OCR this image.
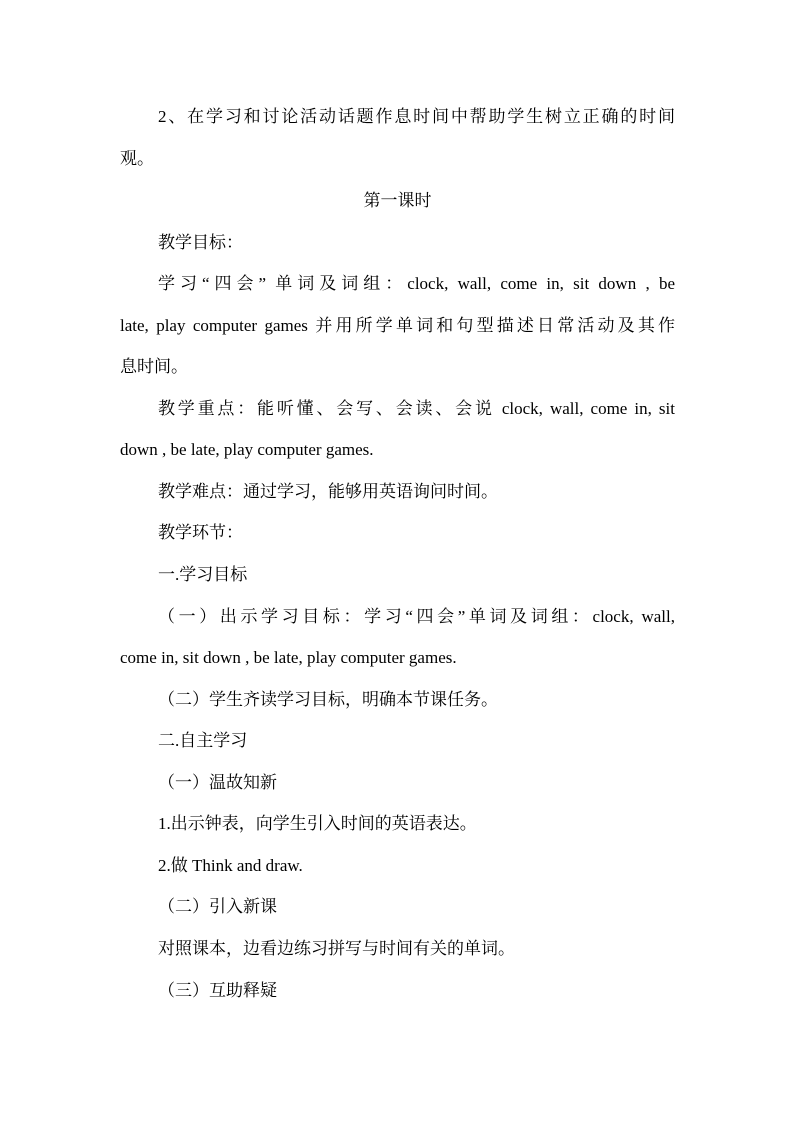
2、在学习和讨论活动话题作息时间中帮助学生树立正确的时间
观。
第一课时
教学目标：
学习“四会” 单词及词组：clock, wall, come in, sit down , be
late, play computer games 并用所学单词和句型描述日常活动及其作
息时间。
教学重点：能听懂、会写、会读、会说 clock, wall, come in, sit
down , be late, play computer games.
教学难点：通过学习，能够用英语询问时间。
教学环节：
一.学习目标
（一）出示学习目标：学习“四会”单词及词组：clock, wall,
come in, sit down , be late, play computer games.
（二）学生齐读学习目标，明确本节课任务。
二.自主学习
（一）温故知新
1.出示钟表，向学生引入时间的英语表达。
2.做 Think and draw.
（二）引入新课
对照课本，边看边练习拼写与时间有关的单词。
（三）互助释疑
